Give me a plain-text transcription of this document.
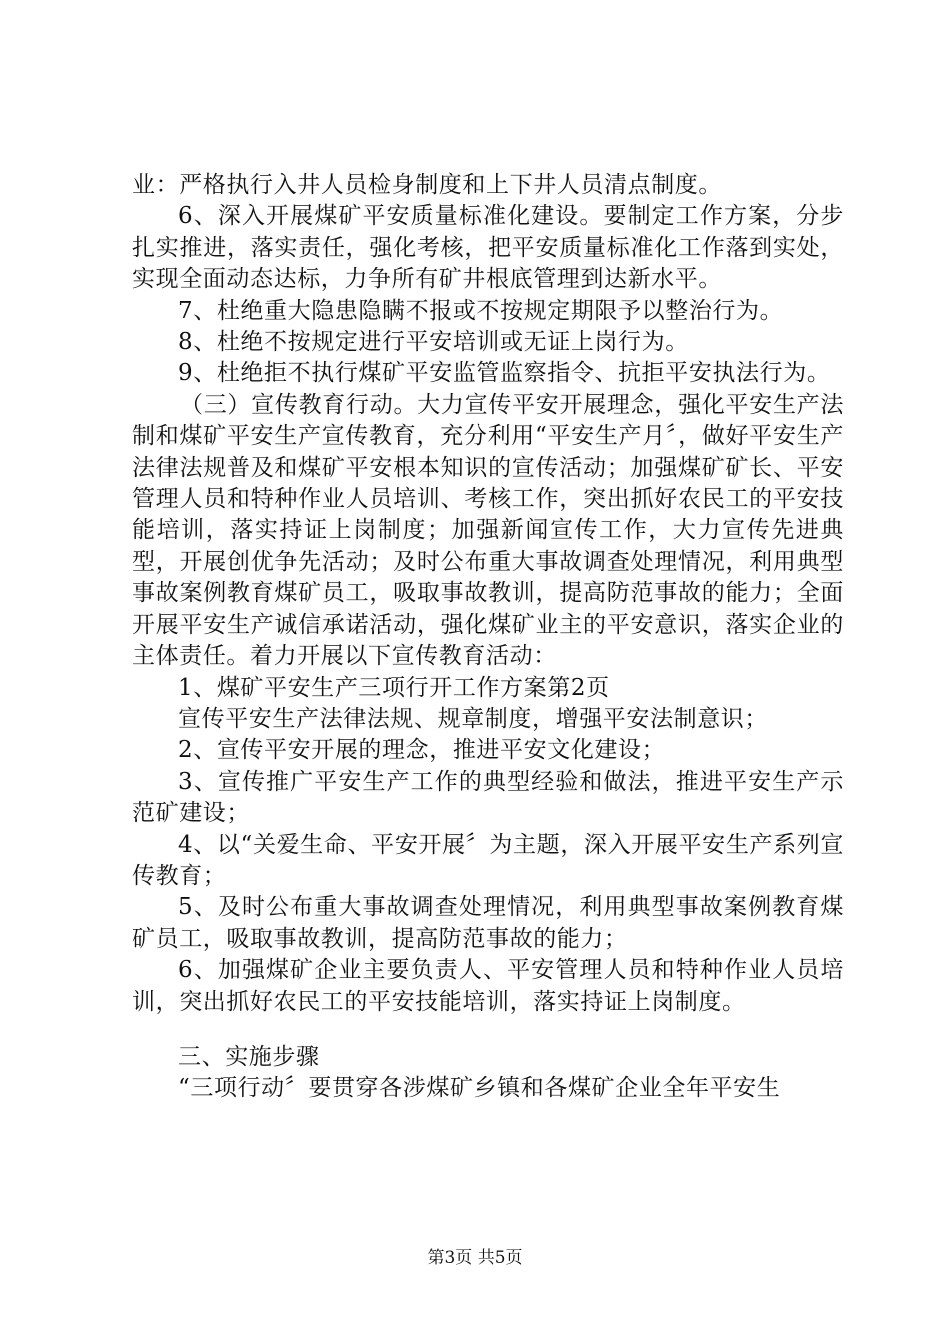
业：严格执行入井人员检身制度和上下井人员清点制度。

6、深入开展煤矿平安质量标准化建设。要制定工作方案，分步扎实推进，落实责任，强化考核，把平安质量标准化工作落到实处，实现全面动态达标，力争所有矿井根底管理到达新水平。

7、杜绝重大隐患隐瞒不报或不按规定期限予以整治行为。

8、杜绝不按规定进行平安培训或无证上岗行为。

9、杜绝拒不执行煤矿平安监管监察指令、抗拒平安执法行为。

（三）宣传教育行动。大力宣传平安开展理念，强化平安生产法制和煤矿平安生产宣传教育，充分利用“平安生产月〞，做好平安生产法律法规普及和煤矿平安根本知识的宣传活动；加强煤矿矿长、平安管理人员和特种作业人员培训、考核工作，突出抓好农民工的平安技能培训，落实持证上岗制度；加强新闻宣传工作，大力宣传先进典型，开展创优争先活动；及时公布重大事故调查处理情况，利用典型事故案例教育煤矿员工，吸取事故教训，提高防范事故的能力；全面开展平安生产诚信承诺活动，强化煤矿业主的平安意识，落实企业的主体责任。着力开展以下宣传教育活动：

1、煤矿平安生产三项行开工作方案第2页

宣传平安生产法律法规、规章制度，增强平安法制意识；

2、宣传平安开展的理念，推进平安文化建设；

3、宣传推广平安生产工作的典型经验和做法，推进平安生产示范矿建设；

4、以“关爱生命、平安开展〞为主题，深入开展平安生产系列宣传教育；

5、及时公布重大事故调查处理情况，利用典型事故案例教育煤矿员工，吸取事故教训，提高防范事故的能力；

6、加强煤矿企业主要负责人、平安管理人员和特种作业人员培训，突出抓好农民工的平安技能培训，落实持证上岗制度。

三、实施步骤

“三项行动〞要贯穿各涉煤矿乡镇和各煤矿企业全年平安生

第3页 共5页
